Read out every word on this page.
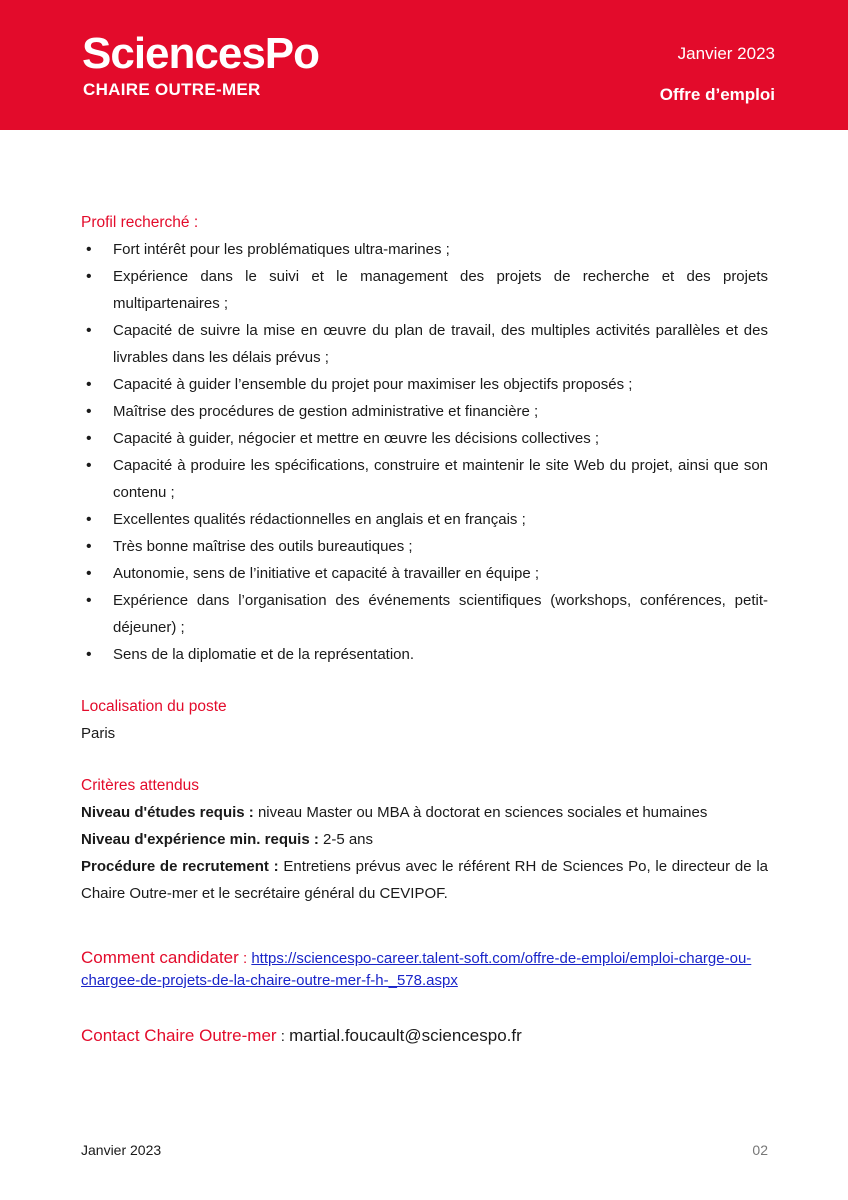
SciencesPo
CHAIRE OUTRE-MER
Janvier 2023
Offre d’emploi

Profil recherché :

• Fort intérêt pour les problématiques ultra-marines ;
• Expérience dans le suivi et le management des projets de recherche et des projets multipartenaires ;
• Capacité de suivre la mise en œuvre du plan de travail, des multiples activités parallèles et des livrables dans les délais prévus ;
• Capacité à guider l’ensemble du projet pour maximiser les objectifs proposés ;
• Maîtrise des procédures de gestion administrative et financière ;
• Capacité à guider, négocier et mettre en œuvre les décisions collectives ;
• Capacité à produire les spécifications, construire et maintenir le site Web du projet, ainsi que son contenu ;
• Excellentes qualités rédactionnelles en anglais et en français ;
• Très bonne maîtrise des outils bureautiques ;
• Autonomie, sens de l’initiative et capacité à travailler en équipe ;
• Expérience dans l’organisation des événements scientifiques (workshops, conférences, petit-déjeuner) ;
• Sens de la diplomatie et de la représentation.

Localisation du poste

Paris

Critères attendus

Niveau d'études requis : niveau Master ou MBA à doctorat en sciences sociales et humaines
Niveau d'expérience min. requis : 2-5 ans
Procédure de recrutement : Entretiens prévus avec le référent RH de Sciences Po, le directeur de la Chaire Outre-mer et le secrétaire général du CEVIPOF.
Comment candidater : https://sciencespo-career.talent-soft.com/offre-de-emploi/emploi-charge-ou-chargee-de-projets-de-la-chaire-outre-mer-f-h-_578.aspx
Contact Chaire Outre-mer : martial.foucault@sciencespo.fr
Janvier 2023	02
